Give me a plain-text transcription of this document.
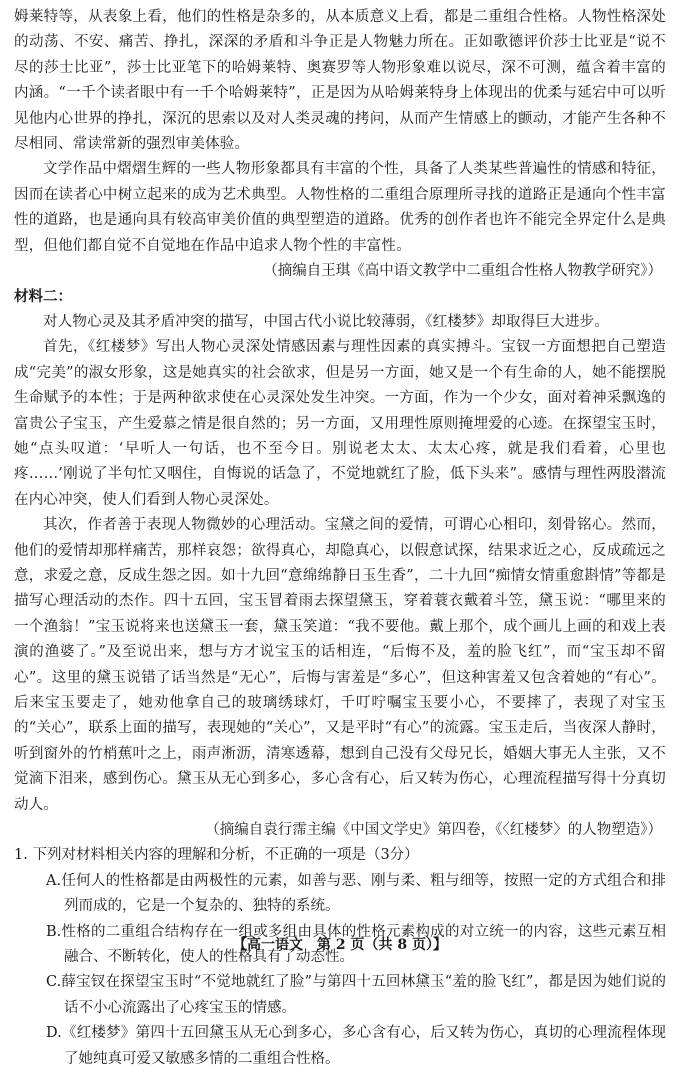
姆莱特等，从表象上看，他们的性格是杂多的，从本质意义上看，都是二重组合性格。人物性格深处的动荡、不安、痛苦、挣扎，深深的矛盾和斗争正是人物魅力所在。正如歌德评价莎士比亚是“说不尽的莎士比亚”，莎士比亚笔下的哈姆莱特、奥赛罗等人物形象难以说尽，深不可测，蕴含着丰富的内涵。“一千个读者眼中有一千个哈姆莱特”，正是因为从哈姆莱特身上体现出的优柔与延宕中可以听见他内心世界的挣扎，深沉的思索以及对人类灵魂的拷问，从而产生情感上的颤动，才能产生各种不尽相同、常读常新的强烈审美体验。

文学作品中熠熠生辉的一些人物形象都具有丰富的个性，具备了人类某些普遍性的情感和特征，因而在读者心中树立起来的成为艺术典型。人物性格的二重组合原理所寻找的道路正是通向个性丰富性的道路，也是通向具有较高审美价值的典型塑造的道路。优秀的创作者也许不能完全界定什么是典型，但他们都自觉不自觉地在作品中追求人物个性的丰富性。

（摘编自王琪《高中语文教学中二重组合性格人物教学研究》）

材料二：

对人物心灵及其矛盾冲突的描写，中国古代小说比较薄弱，《红楼梦》却取得巨大进步。

首先，《红楼梦》写出人物心灵深处情感因素与理性因素的真实搏斗。宝钗一方面想把自己塑造成“完美”的淑女形象，这是她真实的社会欲求，但是另一方面，她又是一个有生命的人，她不能摆脱生命赋予的本性；于是两种欲求使在心灵深处发生冲突。一方面，作为一个少女，面对着神采飘逸的富贵公子宝玉，产生爱慕之情是很自然的；另一方面，又用理性原则掩埋爱的心迹。在探望宝玉时，她“点头叹道：‘早听人一句话，也不至今日。别说老太太、太太心疼，就是我们看着，心里也疼……’刚说了半句忙又咽住，自悔说的话急了，不觉地就红了脸，低下头来”。感情与理性两股潜流在内心冲突，使人们看到人物心灵深处。

其次，作者善于表现人物微妙的心理活动。宝黛之间的爱情，可谓心心相印，刻骨铭心。然而，他们的爱情却那样痛苦，那样哀怨；欲得真心，却隐真心，以假意试探，结果求近之心，反成疏远之意，求爱之意，反成生怨之因。如十九回“意绵绵静日玉生香”，二十九回“痴情女情重愈斟情”等都是描写心理活动的杰作。四十五回，宝玉冒着雨去探望黛玉，穿着蓑衣戴着斗笠，黛玉说：“哪里来的一个渔翁！”宝玉说将来也送黛玉一套，黛玉笑道：“我不要他。戴上那个，成个画儿上画的和戏上表演的渔婆了。”及至说出来，想与方才说宝玉的话相连，“后悔不及，羞的脸飞红”，而“宝玉却不留心”。这里的黛玉说错了话当然是“无心”，后悔与害羞是“多心”，但这种害羞又包含着她的“有心”。后来宝玉要走了，她劝他拿自己的玻璃绣球灯，千叮咛嘱宝玉要小心，不要摔了，表现了对宝玉的“关心”，联系上面的描写，表现她的“关心”，又是平时“有心”的流露。宝玉走后，当夜深人静时，听到窗外的竹梢蕉叶之上，雨声淅沥，清寒透幕，想到自己没有父母兄长，婚姻大事无人主张，又不觉滴下泪来，感到伤心。黛玉从无心到多心，多心含有心，后又转为伤心，心理流程描写得十分真切动人。

（摘编自袁行霈主编《中国文学史》第四卷，《〈红楼梦〉的人物塑造》）

1. 下列对材料相关内容的理解和分析，不正确的一项是（3分）

A.任何人的性格都是由两极性的元素，如善与恶、刚与柔、粗与细等，按照一定的方式组合和排列而成的，它是一个复杂的、独特的系统。

B.性格的二重组合结构存在一组或多组由具体的性格元素构成的对立统一的内容，这些元素互相融合、不断转化，使人的性格具有了动态性。

C.薛宝钗在探望宝玉时“不觉地就红了脸”与第四十五回林黛玉“羞的脸飞红”，都是因为她们说的话不小心流露出了心疼宝玉的情感。

D.《红楼梦》第四十五回黛玉从无心到多心，多心含有心，后又转为伤心，真切的心理流程体现了她纯真可爱又敏感多情的二重组合性格。

【高一语文　第 2 页（共 8 页）】
